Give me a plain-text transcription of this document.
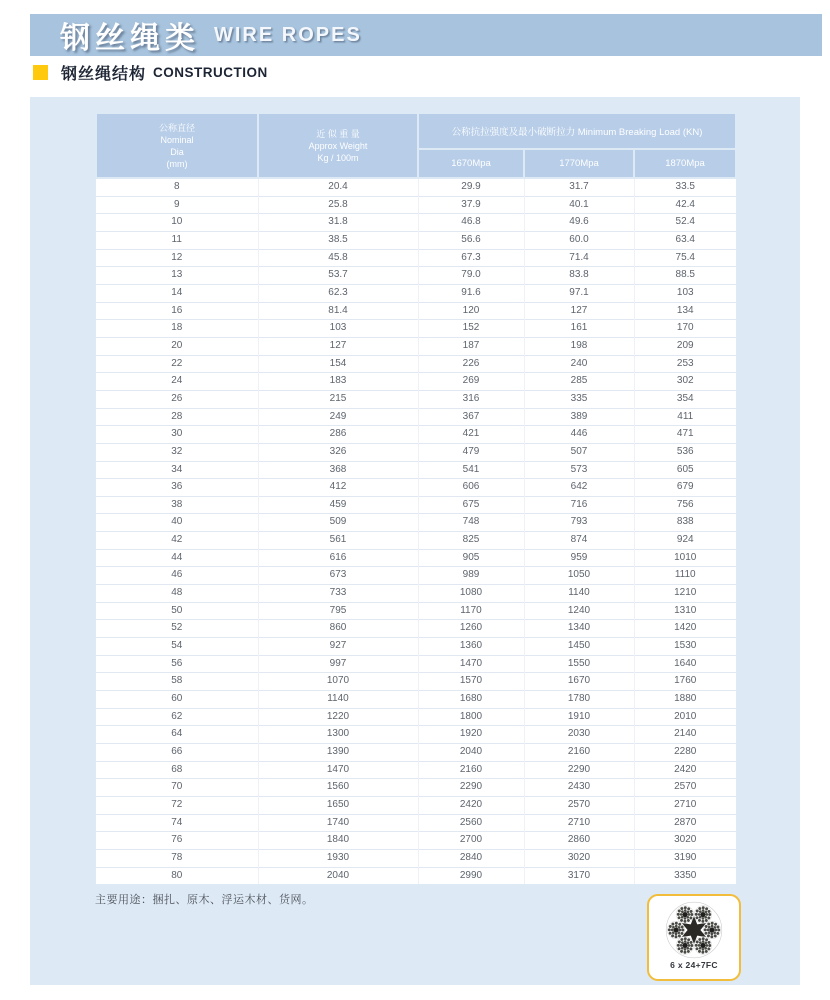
钢丝绳类 WIRE ROPES
钢丝绳结构 CONSTRUCTION
公称直径
Nominal
Dia
(mm)

近 似 重 量
Approx Weight
Kg / 100m
	公称抗拉强度及最小破断拉力 Minimum Breaking Load (KN)
		1670Mpa	1770Mpa	1870Mpa
8	20.4	29.9	31.7	33.5
9	25.8	37.9	40.1	42.4
10	31.8	46.8	49.6	52.4
11	38.5	56.6	60.0	63.4
12	45.8	67.3	71.4	75.4
13	53.7	79.0	83.8	88.5
14	62.3	91.6	97.1	103
16	81.4	120	127	134
18	103	152	161	170
20	127	187	198	209
22	154	226	240	253
24	183	269	285	302
26	215	316	335	354
28	249	367	389	411
30	286	421	446	471
32	326	479	507	536
34	368	541	573	605
36	412	606	642	679
38	459	675	716	756
40	509	748	793	838
42	561	825	874	924
44	616	905	959	1010
46	673	989	1050	1110
48	733	1080	1140	1210
50	795	1170	1240	1310
52	860	1260	1340	1420
54	927	1360	1450	1530
56	997	1470	1550	1640
58	1070	1570	1670	1760
60	1140	1680	1780	1880
62	1220	1800	1910	2010
64	1300	1920	2030	2140
66	1390	2040	2160	2280
68	1470	2160	2290	2420
70	1560	2290	2430	2570
72	1650	2420	2570	2710
74	1740	2560	2710	2870
76	1840	2700	2860	3020
78	1930	2840	3020	3190
80	2040	2990	3170	3350
主要用途：捆扎、原木、浮运木材、货网。
6 x 24+7FC
